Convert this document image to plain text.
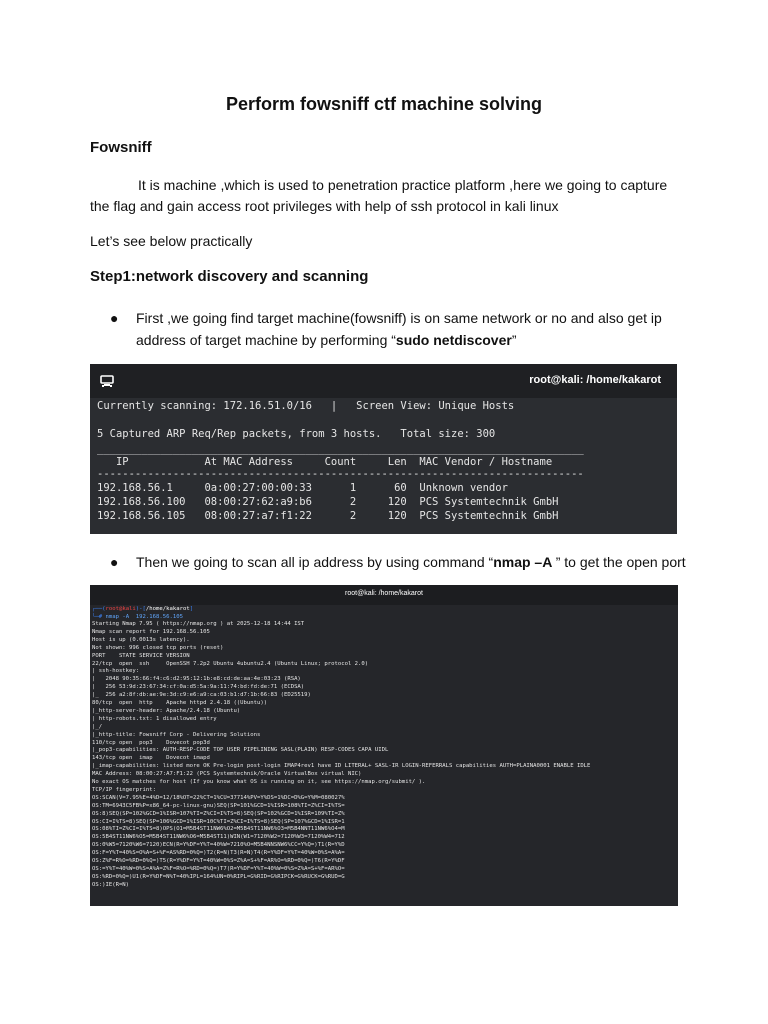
Perform fowsniff ctf machine solving
Fowsniff
It is machine ,which is used to penetration practice platform ,here we going to capture
the flag and gain access root privileges with help of ssh protocol in kali linux
Let’s see below practically
Step1:network discovery and scanning
● First ,we going find target machine(fowsniff) is on same network or no and also get ip
address of target machine by performing “sudo netdiscover”
root@kali: /home/kakarot
Currently scanning: 172.16.51.0/16   |   Screen View: Unique Hosts
5 Captured ARP Req/Rep packets, from 3 hosts.   Total size: 300
_____________________________________________________________________________
IP            At MAC Address     Count     Len  MAC Vendor / Hostname
-----------------------------------------------------------------------------
192.168.56.1     0a:00:27:00:00:33      1      60  Unknown vendor
192.168.56.100   08:00:27:62:a9:b6      2     120  PCS Systemtechnik GmbH
192.168.56.105   08:00:27:a7:f1:22      2     120  PCS Systemtechnik GmbH
● Then we going to scan all ip address by using command “nmap –A ” to get the open port
root@kali: /home/kakarot
┌──(root@kali)-[/home/kakarot]
└─# nmap -A  192.168.56.105
Starting Nmap 7.95 ( https://nmap.org ) at 2025-12-18 14:44 IST
Nmap scan report for 192.168.56.105
Host is up (0.0013s latency).
Not shown: 996 closed tcp ports (reset)
PORT    STATE SERVICE VERSION
22/tcp  open  ssh     OpenSSH 7.2p2 Ubuntu 4ubuntu2.4 (Ubuntu Linux; protocol 2.0)
| ssh-hostkey:
|   2048 90:35:66:f4:c6:d2:95:12:1b:e8:cd:de:aa:4e:03:23 (RSA)
|   256 53:9d:23:67:34:cf:0a:d5:5a:9a:11:74:bd:fd:de:71 (ECDSA)
|_  256 a2:8f:db:ae:9e:3d:c9:e6:a9:ca:03:b1:d7:1b:66:83 (ED25519)
80/tcp  open  http    Apache httpd 2.4.18 ((Ubuntu))
|_http-server-header: Apache/2.4.18 (Ubuntu)
| http-robots.txt: 1 disallowed entry
|_/
|_http-title: Fowsniff Corp - Delivering Solutions
110/tcp open  pop3    Dovecot pop3d
|_pop3-capabilities: AUTH-RESP-CODE TOP USER PIPELINING SASL(PLAIN) RESP-CODES CAPA UIDL
143/tcp open  imap    Dovecot imapd
|_imap-capabilities: listed more OK Pre-login post-login IMAP4rev1 have ID LITERAL+ SASL-IR LOGIN-REFERRALS capabilities AUTH=PLAINA0001 ENABLE IDLE
MAC Address: 08:00:27:A7:F1:22 (PCS Systemtechnik/Oracle VirtualBox virtual NIC)
No exact OS matches for host (If you know what OS is running on it, see https://nmap.org/submit/ ).
TCP/IP fingerprint:
OS:SCAN(V=7.95%E=4%D=12/18%OT=22%CT=1%CU=37714%PV=Y%DS=1%DC=D%G=Y%M=080027%
OS:TM=6943C5FB%P=x86_64-pc-linux-gnu)SEQ(SP=101%GCD=1%ISR=108%TI=Z%CI=I%TS=
OS:8)SEQ(SP=102%GCD=1%ISR=107%TI=Z%CI=I%TS=8)SEQ(SP=102%GCD=1%ISR=109%TI=Z%
OS:CI=I%TS=8)SEQ(SP=106%GCD=1%ISR=10C%TI=Z%CI=I%TS=8)SEQ(SP=107%GCD=1%ISR=1
OS:08%TI=Z%CI=I%TS=8)OPS(O1=M5B4ST11NW6%O2=M5B4ST11NW6%O3=M5B4NNT11NW6%O4=M
OS:5B4ST11NW6%O5=M5B4ST11NW6%O6=M5B4ST11)WIN(W1=7120%W2=7120%W3=7120%W4=712
OS:0%W5=7120%W6=7120)ECN(R=Y%DF=Y%T=40%W=7210%O=M5B4NNSNW6%CC=Y%Q=)T1(R=Y%D
OS:F=Y%T=40%S=O%A=S+%F=AS%RD=0%Q=)T2(R=N)T3(R=N)T4(R=Y%DF=Y%T=40%W=0%S=A%A=
OS:Z%F=R%O=%RD=0%Q=)T5(R=Y%DF=Y%T=40%W=0%S=Z%A=S+%F=AR%O=%RD=0%Q=)T6(R=Y%DF
OS:=Y%T=40%W=0%S=A%A=Z%F=R%O=%RD=0%Q=)T7(R=Y%DF=Y%T=40%W=0%S=Z%A=S+%F=AR%O=
OS:%RD=0%Q=)U1(R=Y%DF=N%T=40%IPL=164%UN=0%RIPL=G%RID=G%RIPCK=G%RUCK=G%RUD=G
OS:)IE(R=N)
